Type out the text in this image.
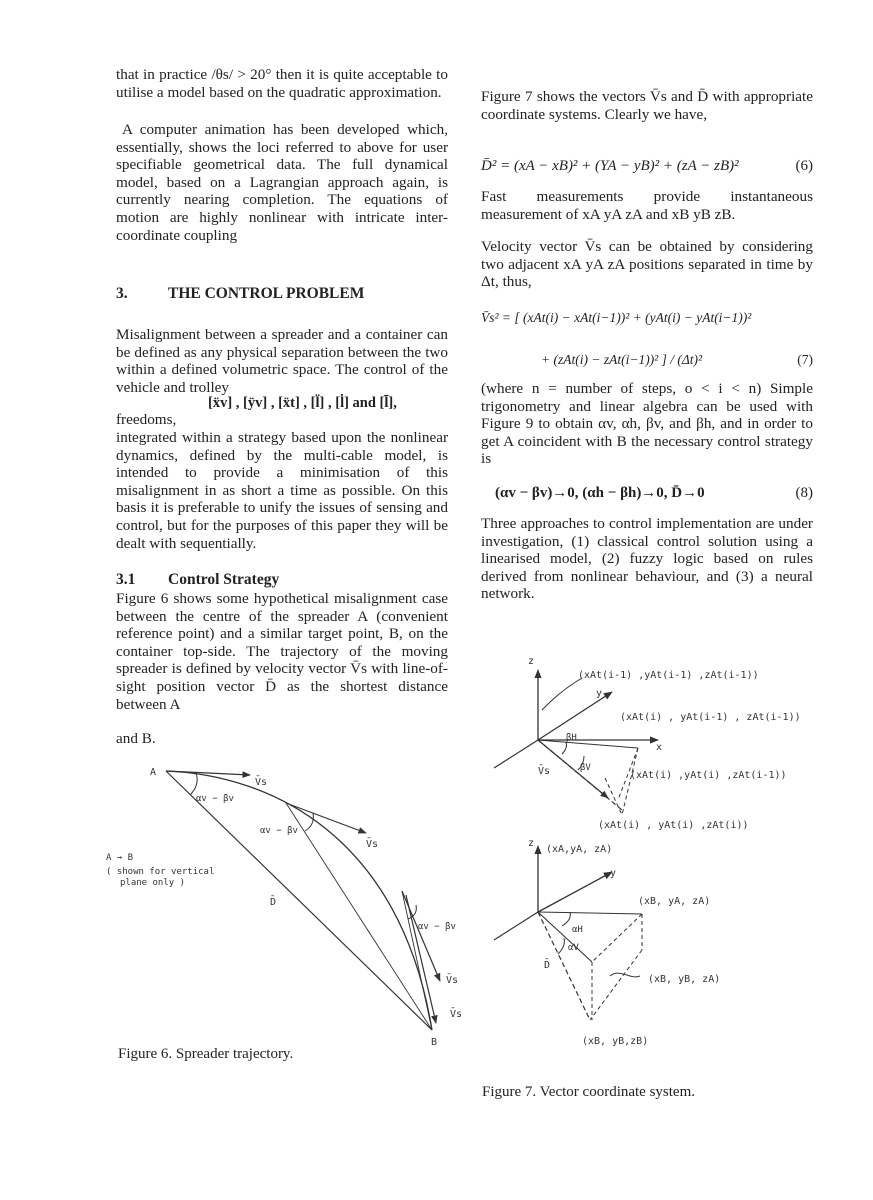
that in practice /θs/ > 20° then it is quite acceptable to utilise a model based on the quadratic approximation.

A computer animation has been developed which, essentially, shows the loci referred to above for user specifiable geometrical data. The full dynamical model, based on a Lagrangian approach again, is currently nearing completion. The equations of motion are highly nonlinear with intricate inter-coordinate coupling

3.	THE CONTROL PROBLEM

Misalignment between a spreader and a container can be defined as any physical separation between the two within a defined volumetric space. The control of the vehicle and trolley

[ẍv] , [ÿv] , [ẍt] , [l̈] , [l̇] and [l̄],

freedoms,

integrated within a strategy based upon the nonlinear dynamics, defined by the multi-cable model, is intended to provide a minimisation of this misalignment in as short a time as possible. On this basis it is preferable to unify the issues of sensing and control, but for the purposes of this paper they will be dealt with sequentially.

3.1 Control Strategy

Figure 6 shows some hypothetical misalignment case between the centre of the spreader A (convenient reference point) and a similar target point, B, on the container top-side. The trajectory of the moving spreader is defined by velocity vector V̄s with line-of-sight position vector D̄ as the shortest distance between A

and B.

A
B
V̄s
V̄s
V̄s
V̄s
αv − βv
αv − βv
αv − βv
D̄
A → B
( shown for vertical
plane only )
Figure 6. Spreader trajectory.

Figure 7 shows the vectors V̄s and D̄ with appropriate coordinate systems. Clearly we have,

D̄² = (xA − xB)² + (YA − yB)² + (zA − zB)²	(6)

Fast measurements provide instantaneous measurement of xA yA zA and xB yB zB.

Velocity vector V̄s can be obtained by considering two adjacent xA yA zA positions separated in time by Δt, thus,

V̄s² = [ (xAt(i) − xAt(i−1))² + (yAt(i) − yAt(i−1))²
+ (zAt(i) − zAt(i−1))² ] / (Δt)²	(7)

(where n = number of steps, o < i < n) Simple trigonometry and linear algebra can be used with Figure 9 to obtain αv, αh, βv, and βh, and in order to get A coincident with B the necessary control strategy is

(αv − βv)→0, (αh − βh)→0, D̄→0	(8)

Three approaches to control implementation are under investigation, (1) classical control solution using a linearised model, (2) fuzzy logic based on rules derived from nonlinear behaviour, and (3) a neural network.

z
y
x
(xAt(i-1) ,yAt(i-1) ,zAt(i-1))
(xAt(i) , yAt(i-1) , zAt(i-1))
(xAt(i) ,yAt(i) ,zAt(i-1))
(xAt(i) , yAt(i) ,zAt(i))
βH
βV
V̄s
z
y
(xA,yA, zA)
(xB, yA, zA)
(xB, yB, zA)
(xB, yB,zB)
αH
αV
D̄
Figure 7. Vector coordinate system.
